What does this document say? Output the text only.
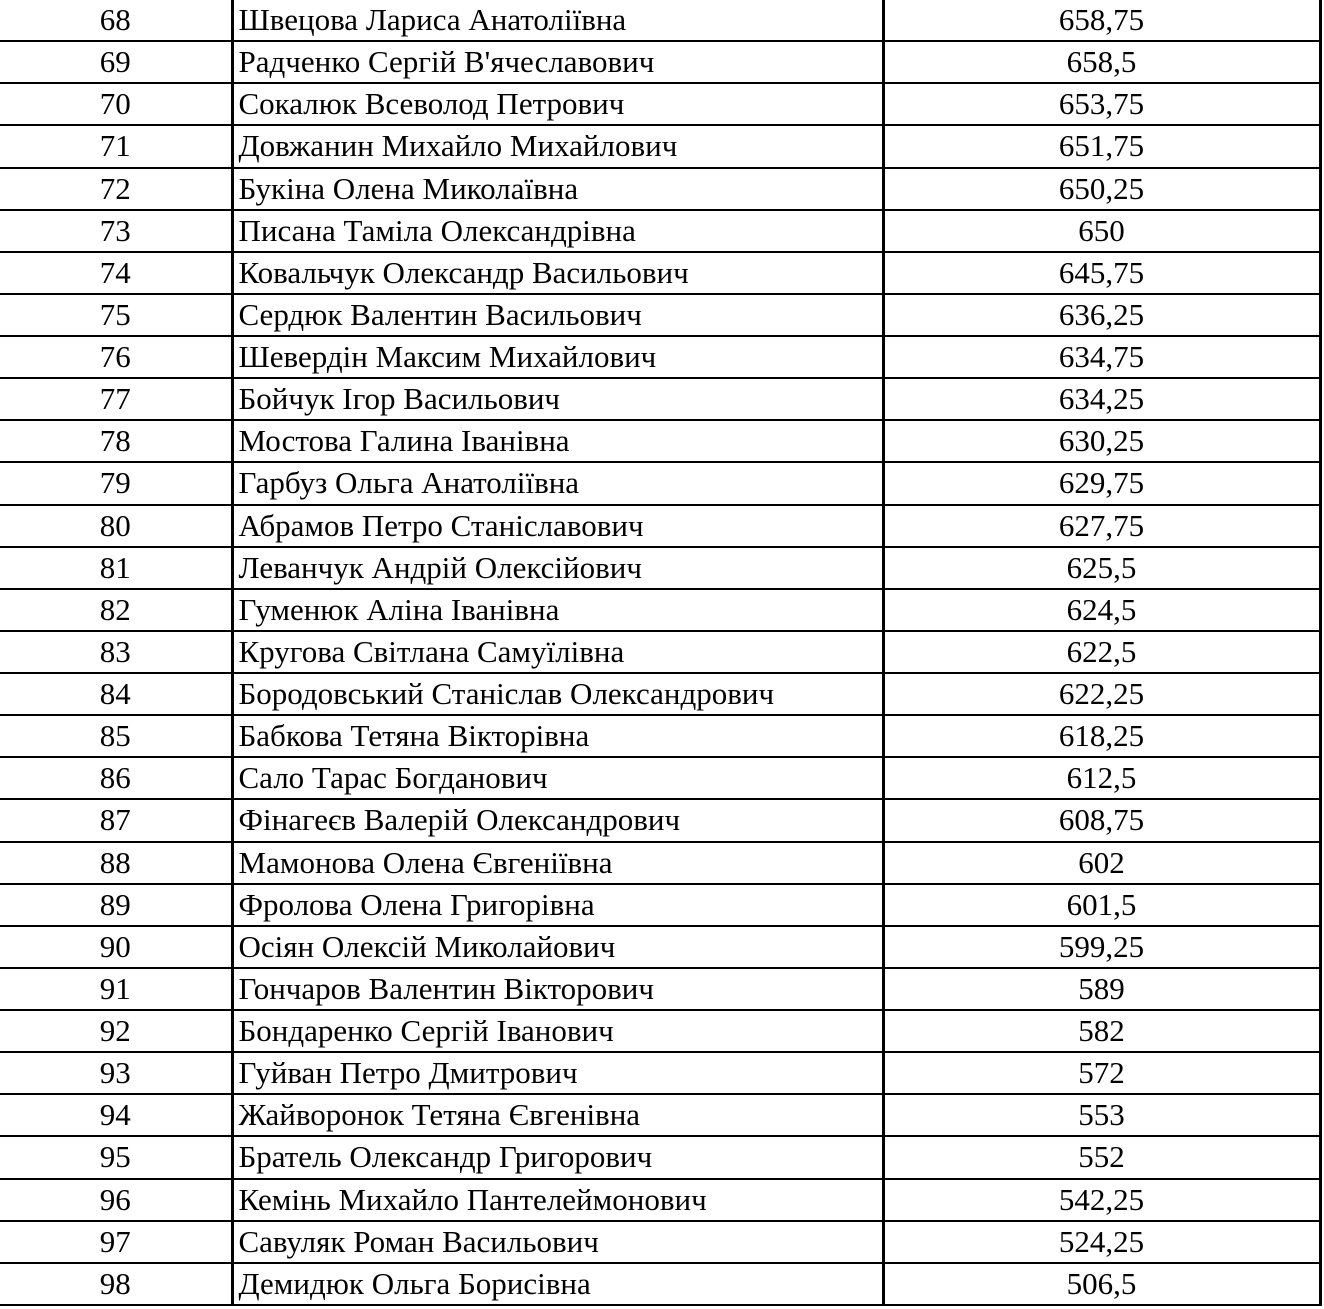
68	Швецова Лариса Анатоліївна	658,75
69	Радченко Сергій В'ячеславович	658,5
70	Сокалюк Всеволод Петрович	653,75
71	Довжанин Михайло Михайлович	651,75
72	Букіна Олена Миколаївна	650,25
73	Писана Таміла Олександрівна	650
74	Ковальчук Олександр Васильович	645,75
75	Сердюк Валентин Васильович	636,25
76	Шевердін Максим Михайлович	634,75
77	Бойчук Ігор Васильович	634,25
78	Мостова Галина Іванівна	630,25
79	Гарбуз Ольга Анатоліївна	629,75
80	Абрамов Петро Станіславович	627,75
81	Леванчук Андрій Олексійович	625,5
82	Гуменюк Аліна Іванівна	624,5
83	Кругова Світлана Самуїлівна	622,5
84	Бородовський Станіслав Олександрович	622,25
85	Бабкова Тетяна Вікторівна	618,25
86	Сало Тарас Богданович	612,5
87	Фінагеєв Валерій Олександрович	608,75
88	Мамонова Олена Євгеніївна	602
89	Фролова Олена Григорівна	601,5
90	Осіян Олексій Миколайович	599,25
91	Гончаров Валентин Вікторович	589
92	Бондаренко Сергій Іванович	582
93	Гуйван Петро Дмитрович	572
94	Жайворонок Тетяна Євгенівна	553
95	Братель Олександр Григорович	552
96	Кемінь Михайло Пантелеймонович	542,25
97	Савуляк Роман Васильович	524,25
98	Демидюк Ольга Борисівна	506,5
